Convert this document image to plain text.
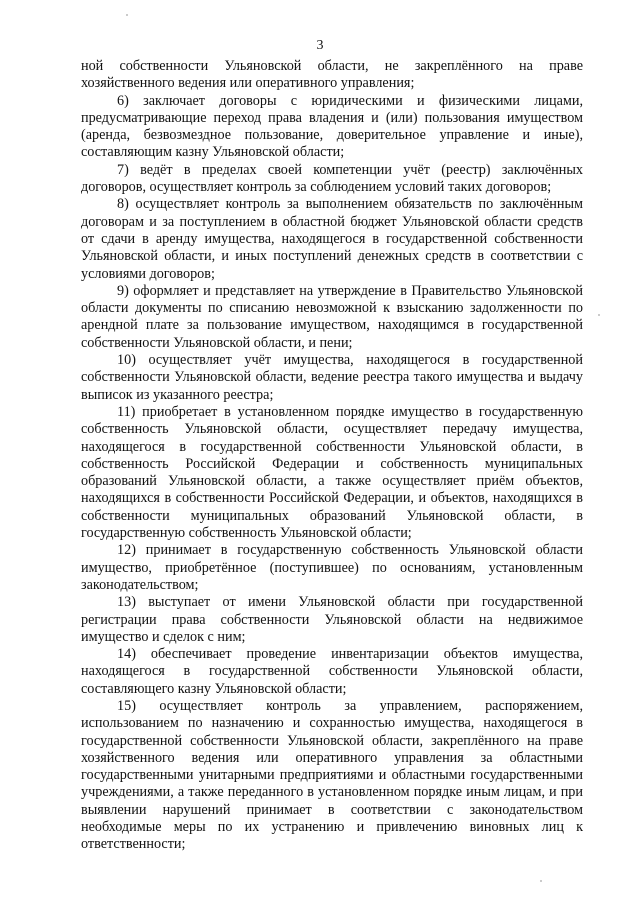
3

ной собственности Ульяновской области, не закреплённого на праве хозяйственного ведения или оперативного управления;

6) заключает договоры с юридическими и физическими лицами, предусматривающие переход права владения и (или) пользования имуществом (аренда, безвозмездное пользование, доверительное управление и иные), составляющим казну Ульяновской области;

7) ведёт в пределах своей компетенции учёт (реестр) заключённых договоров, осуществляет контроль за соблюдением условий таких договоров;

8) осуществляет контроль за выполнением обязательств по заключённым договорам и за поступлением в областной бюджет Ульяновской области средств от сдачи в аренду имущества, находящегося в государственной собственности Ульяновской области, и иных поступлений денежных средств в соответствии с условиями договоров;

9) оформляет и представляет на утверждение в Правительство Ульяновской области документы по списанию невозможной к взысканию задолженности по арендной плате за пользование имуществом, находящимся в государственной собственности Ульяновской области, и пени;

10) осуществляет учёт имущества, находящегося в государственной собственности Ульяновской области, ведение реестра такого имущества и выдачу выписок из указанного реестра;

11) приобретает в установленном порядке имущество в государственную собственность Ульяновской области, осуществляет передачу имущества, находящегося в государственной собственности Ульяновской области, в собственность Российской Федерации и собственность муниципальных образований Ульяновской области, а также осуществляет приём объектов, находящихся в собственности Российской Федерации, и объектов, находящихся в собственности муниципальных образований Ульяновской области, в государственную собственность Ульяновской области;

12) принимает в государственную собственность Ульяновской области имущество, приобретённое (поступившее) по основаниям, установленным законодательством;

13) выступает от имени Ульяновской области при государственной регистрации права собственности Ульяновской области на недвижимое имущество и сделок с ним;

14) обеспечивает проведение инвентаризации объектов имущества, находящегося в государственной собственности Ульяновской области, составляющего казну Ульяновской области;

15) осуществляет контроль за управлением, распоряжением, использованием по назначению и сохранностью имущества, находящегося в государственной собственности Ульяновской области, закреплённого на праве хозяйственного ведения или оперативного управления за областными государственными унитарными предприятиями и областными государственными учреждениями, а также переданного в установленном порядке иным лицам, и при выявлении нарушений принимает в соответствии с законодательством необходимые меры по их устранению и привлечению виновных лиц к ответственности;
